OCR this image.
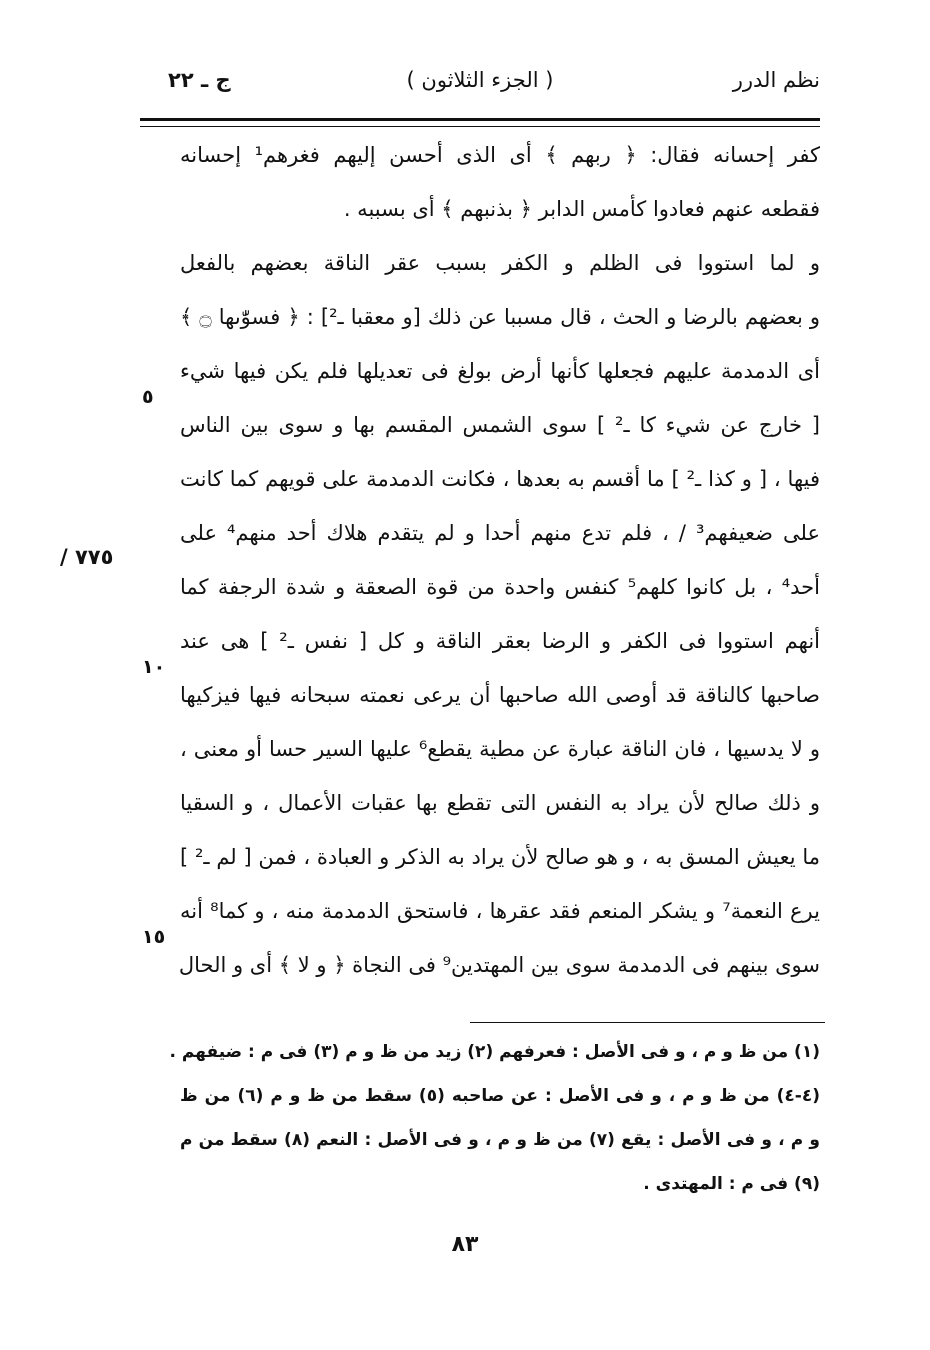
نظم الدرر
( الجزء الثلاثون )
ج ـ ٢٢
كفر إحسانه فقال: ﴿ ربهم ﴾ أى الذى أحسن إليهم فغرهم¹ إحسانه
فقطعه عنهم فعادوا كأمس الدابر ﴿ بذنبهم ﴾ أى بسببه .
و لما استووا فى الظلم و الكفر بسبب عقر الناقة بعضهم بالفعل
و بعضهم بالرضا و الحث ، قال مسببا عن ذلك [و معقبا ـ²] : ﴿ فسوّٰىها ۝ ﴾
أى الدمدمة عليهم فجعلها كأنها أرض بولغ فى تعديلها فلم يكن فيها شيء
[ خارج عن شيء كا ـ² ] سوى الشمس المقسم بها و سوى بين الناس
فيها ، [ و كذا ـ² ] ما أقسم به بعدها ، فكانت الدمدمة على قويهم كما كانت
على ضعيفهم³ / ، فلم تدع منهم أحدا و لم يتقدم هلاك أحد منهم⁴ على
أحد⁴ ، بل كانوا كلهم⁵ كنفس واحدة من قوة الصعقة و شدة الرجفة كما
أنهم استووا فى الكفر و الرضا بعقر الناقة و كل [ نفس ـ² ] هى عند
صاحبها كالناقة قد أوصى الله صاحبها أن يرعى نعمته سبحانه فيها فيزكيها
و لا يدسيها ، فان الناقة عبارة عن مطية يقطع⁶ عليها السير حسا أو معنى ،
و ذلك صالح لأن يراد به النفس التى تقطع بها عقبات الأعمال ، و السقيا
ما يعيش المسق به ، و هو صالح لأن يراد به الذكر و العبادة ، فمن [ لم ـ² ]
يرع النعمة⁷ و يشكر المنعم فقد عقرها ، فاستحق الدمدمة منه ، و كما⁸ أنه
سوى بينهم فى الدمدمة سوى بين المهتدين⁹ فى النجاة ﴿ و لا ﴾ أى و الحال
٥
١٠
١٥
/ ٧٧٥
(١) من ظ و م ، و فى الأصل : فعرفهم (٢) زيد من ظ و م (٣) فى م : ضيفهم .
(٤-٤) من ظ و م ، و فى الأصل : عن صاحبه (٥) سقط من ظ و م (٦) من ظ
و م ، و فى الأصل : يقع (٧) من ظ و م ، و فى الأصل : النعم (٨) سقط من م
(٩) فى م : المهتدى .
٨٣
